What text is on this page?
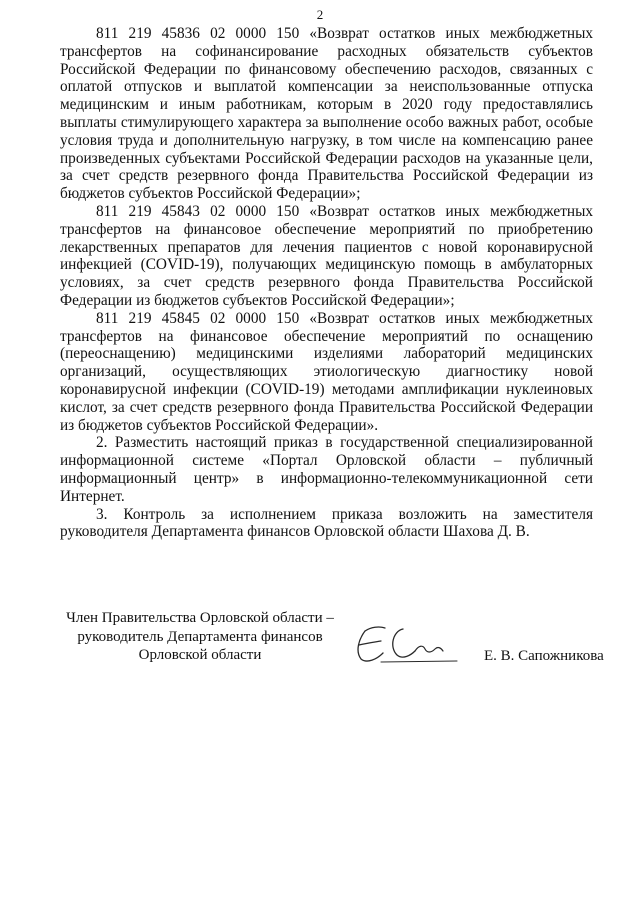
2

811 219 45836 02 0000 150 «Возврат остатков иных межбюджетных трансфертов на софинансирование расходных обязательств субъектов Российской Федерации по финансовому обеспечению расходов, связанных с оплатой отпусков и выплатой компенсации за неиспользованные отпуска медицинским и иным работникам, которым в 2020 году предоставлялись выплаты стимулирующего характера за выполнение особо важных работ, особые условия труда и дополнительную нагрузку, в том числе на компенсацию ранее произведенных субъектами Российской Федерации расходов на указанные цели, за счет средств резервного фонда Правительства Российской Федерации из бюджетов субъектов Российской Федерации»;

811 219 45843 02 0000 150 «Возврат остатков иных межбюджетных трансфертов на финансовое обеспечение мероприятий по приобретению лекарственных препаратов для лечения пациентов с новой коронавирусной инфекцией (COVID-19), получающих медицинскую помощь в амбулаторных условиях, за счет средств резервного фонда Правительства Российской Федерации из бюджетов субъектов Российской Федерации»;

811 219 45845 02 0000 150 «Возврат остатков иных межбюджетных трансфертов на финансовое обеспечение мероприятий по оснащению (переоснащению) медицинскими изделиями лабораторий медицинских организаций, осуществляющих этиологическую диагностику новой коронавирусной инфекции (COVID-19) методами амплификации нуклеиновых кислот, за счет средств резервного фонда Правительства Российской Федерации из бюджетов субъектов Российской Федерации».

2. Разместить настоящий приказ в государственной специализированной информационной системе «Портал Орловской области – публичный информационный центр» в информационно-телекоммуникационной сети Интернет.

3. Контроль за исполнением приказа возложить на заместителя руководителя Департамента финансов Орловской области Шахова Д. В.

Член Правительства Орловской области –
руководитель Департамента финансов
Орловской области	Е. В. Сапожникова
